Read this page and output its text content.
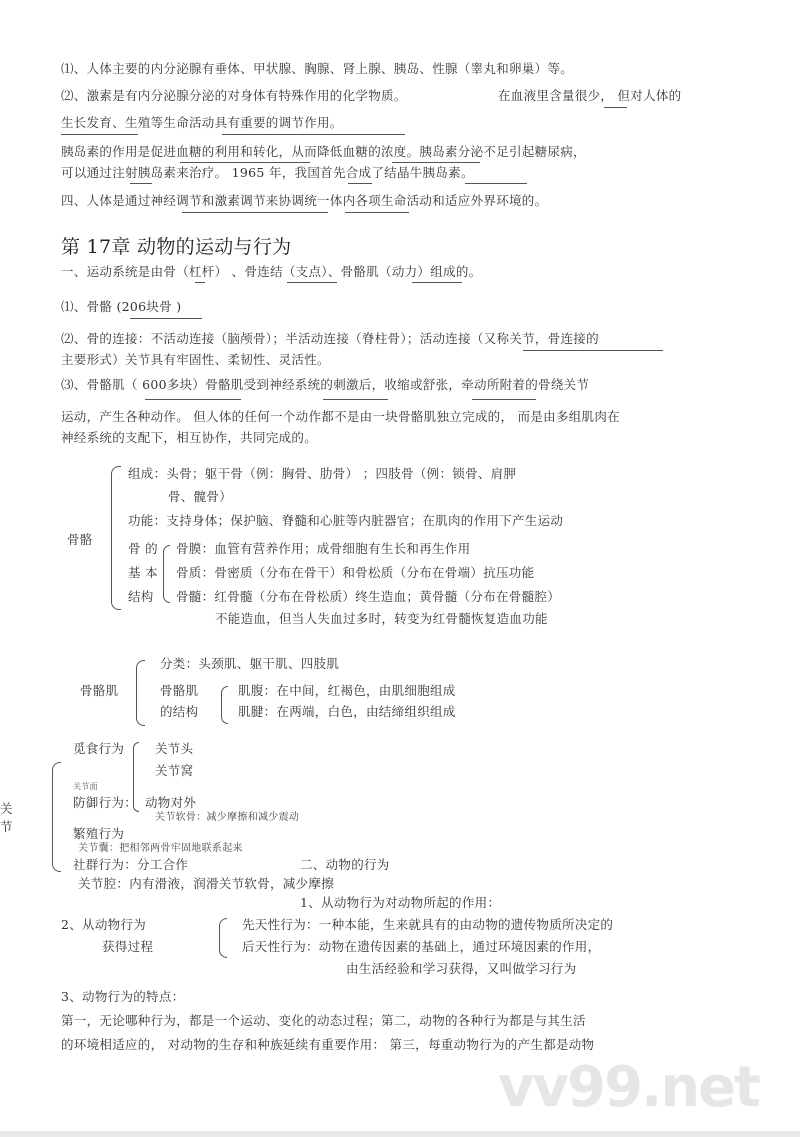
vv99.net
⑴、人体主要的内分泌腺有垂体、甲状腺、胸腺、肾上腺、胰岛、性腺（睾丸和卵巢）等。
⑵、激素是有内分泌腺分泌的对身体有特殊作用的化学物质。	在血液里含量很少， 但对人体的
生长发育、生殖等生命活动具有重要的调节作用。
胰岛素的作用是促进血糖的利用和转化，从而降低血糖的浓度。胰岛素分泌不足引起糖尿病，
可以通过注射胰岛素来治疗。 1965 年，我国首先合成了结晶牛胰岛素。
四、人体是通过神经调节和激素调节来协调统一体内各项生命活动和适应外界环境的。
第 17章 动物的运动与行为
一、运动系统是由骨（杠杆） 、骨连结（支点）、骨骼肌（动力）组成的。
⑴、骨骼 (206块骨 )
⑵、骨的连接：不活动连接（脑颅骨）；半活动连接（脊柱骨）；活动连接（又称关节，骨连接的
主要形式）关节具有牢固性、柔韧性、灵活性。
⑶、骨骼肌（ 600多块）骨骼肌受到神经系统的刺激后，收缩或舒张，牵动所附着的骨绕关节
运动，产生各种动作。 但人体的任何一个动作都不是由一块骨骼肌独立完成的， 而是由多组肌肉在
神经系统的支配下，相互协作，共同完成的。
骨骼
组成：头骨；躯干骨（例：胸骨、肋骨） ；四肢骨（例：锁骨、肩胛
骨、髋骨）
功能：支持身体；保护脑、脊髓和心脏等内脏器官；在肌肉的作用下产生运动
骨 的
基 本
结构
骨膜：血管有营养作用；成骨细胞有生长和再生作用
骨质：骨密质（分布在骨干）和骨松质（分布在骨端）抗压功能
骨髓：红骨髓（分布在骨松质）终生造血；黄骨髓（分布在骨髓腔）
不能造血，但当人失血过多时，转变为红骨髓恢复造血功能
骨骼肌
分类：头颈肌、躯干肌、四肢肌
骨骼肌
的结构
肌腹：在中间，红褐色，由肌细胞组成
肌腱：在两端，白色，由结缔组织组成
关
节
觅食行为 关节头
关节窝
关节面
防御行为： 动物对外
关节软骨：减少摩擦和减少震动
繁殖行为
关节囊：把相邻两骨牢固地联系起来
社群行为：分工合作	二、动物的行为
关节腔：内有滑液，润滑关节软骨，减少摩擦
1、从动物行为对动物所起的作用：
2、从动物行为
获得过程
先天性行为：一种本能，生来就具有的由动物的遗传物质所决定的
后天性行为：动物在遗传因素的基础上，通过环境因素的作用，
由生活经验和学习获得，又叫做学习行为
3、动物行为的特点：
第一，无论哪种行为，都是一个运动、变化的动态过程；第二，动物的各种行为都是与其生活
的环境相适应的， 对动物的生存和种族延续有重要作用： 第三，每重动物行为的产生都是动物
